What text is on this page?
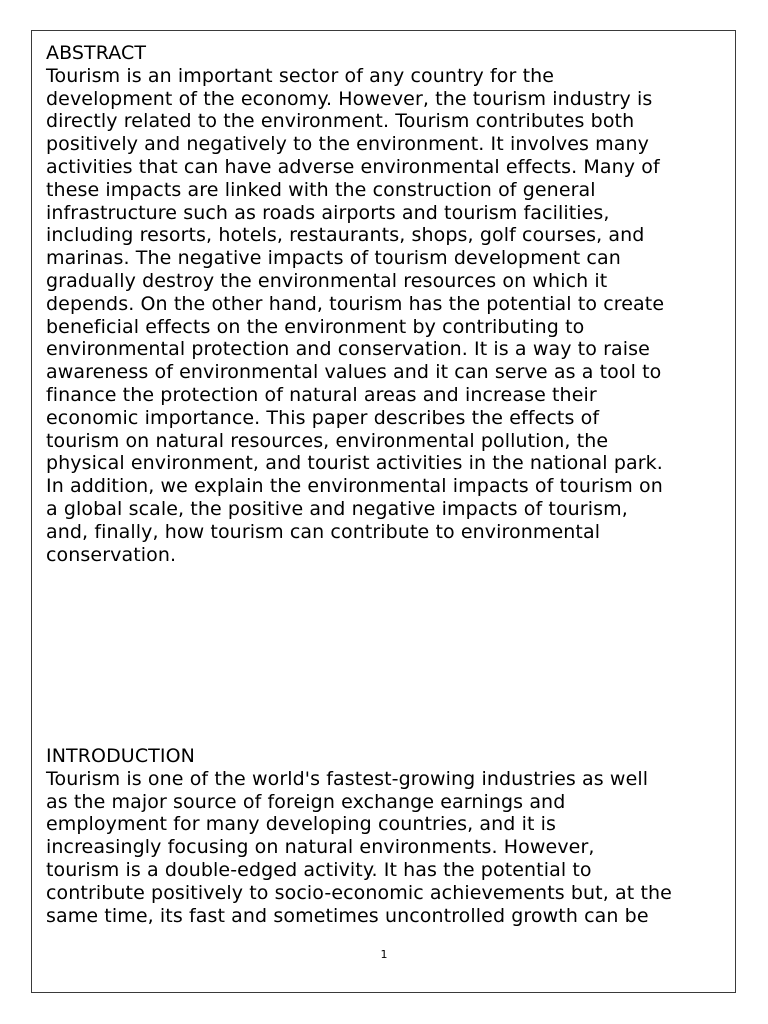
ABSTRACT

Tourism is an important sector of any country for the
development of the economy. However, the tourism industry is
directly related to the environment. Tourism contributes both
positively and negatively to the environment. It involves many
activities that can have adverse environmental effects. Many of
these impacts are linked with the construction of general
infrastructure such as roads airports and tourism facilities,
including resorts, hotels, restaurants, shops, golf courses, and
marinas. The negative impacts of tourism development can
gradually destroy the environmental resources on which it
depends. On the other hand, tourism has the potential to create
beneficial effects on the environment by contributing to
environmental protection and conservation. It is a way to raise
awareness of environmental values and it can serve as a tool to
finance the protection of natural areas and increase their
economic importance. This paper describes the effects of
tourism on natural resources, environmental pollution, the
physical environment, and tourist activities in the national park.
In addition, we explain the environmental impacts of tourism on
a global scale, the positive and negative impacts of tourism,
and, finally, how tourism can contribute to environmental
conservation.

INTRODUCTION

Tourism is one of the world's fastest-growing industries as well
as the major source of foreign exchange earnings and
employment for many developing countries, and it is
increasingly focusing on natural environments. However,
tourism is a double-edged activity. It has the potential to
contribute positively to socio-economic achievements but, at the
same time, its fast and sometimes uncontrolled growth can be

1
